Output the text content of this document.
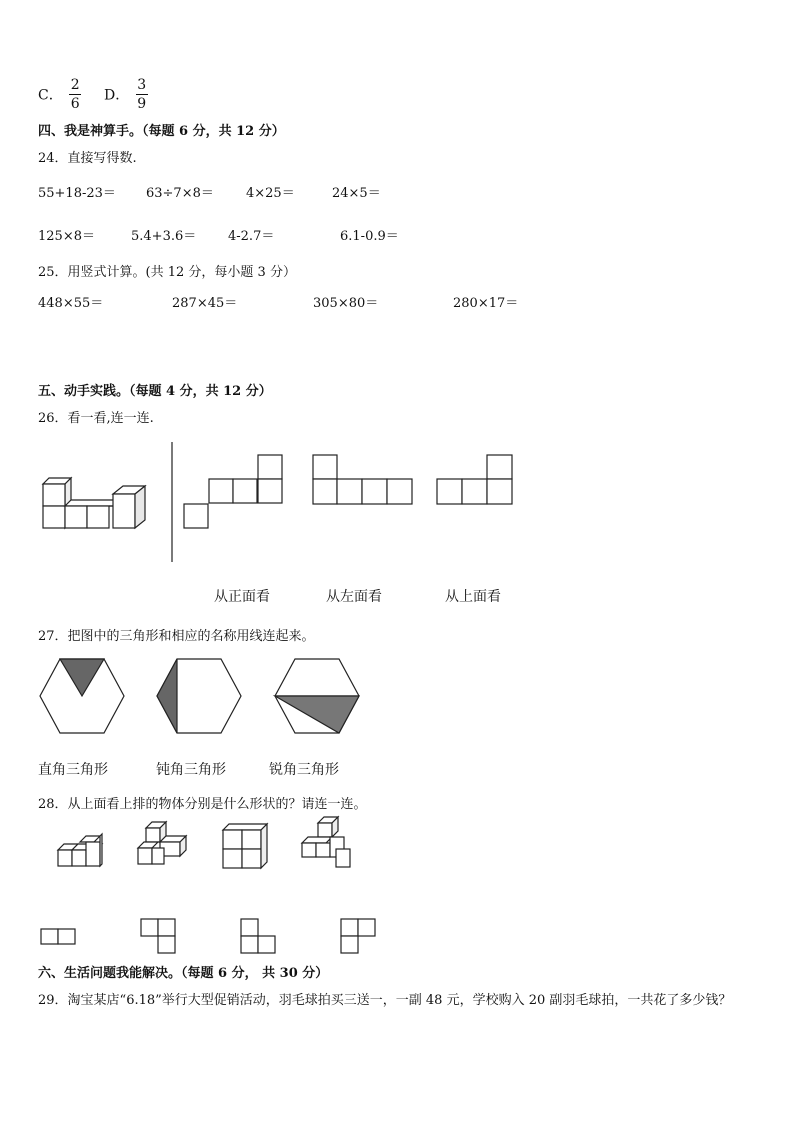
C． $\frac{2}{6}$ D． $\frac{3}{9}$
四、我是神算手。（每题 6 分，共 12 分）
24．直接写得数.
55+18-23＝ 63÷7×8＝ 4×25＝	24×5＝
125×8＝	5.4+3.6＝ 4-2.7＝	6.1-0.9＝
25．用竖式计算。(共 12 分，每小题 3 分）
448×55＝	287×45＝	305×80＝	280×17＝
五、动手实践。（每题 4 分，共 12 分）
26．看一看,连一连.
从正面看	从左面看	从上面看
27．把图中的三角形和相应的名称用线连起来。
直角三角形	钝角三角形	锐角三角形
28．从上面看上排的物体分别是什么形状的？请连一连。
六、生活问题我能解决。（每题 6 分， 共 30 分）
29．淘宝某店“6.18”举行大型促销活动，羽毛球拍买三送一，一副 48 元，学校购入 20 副羽毛球拍，一共花了多少钱？
